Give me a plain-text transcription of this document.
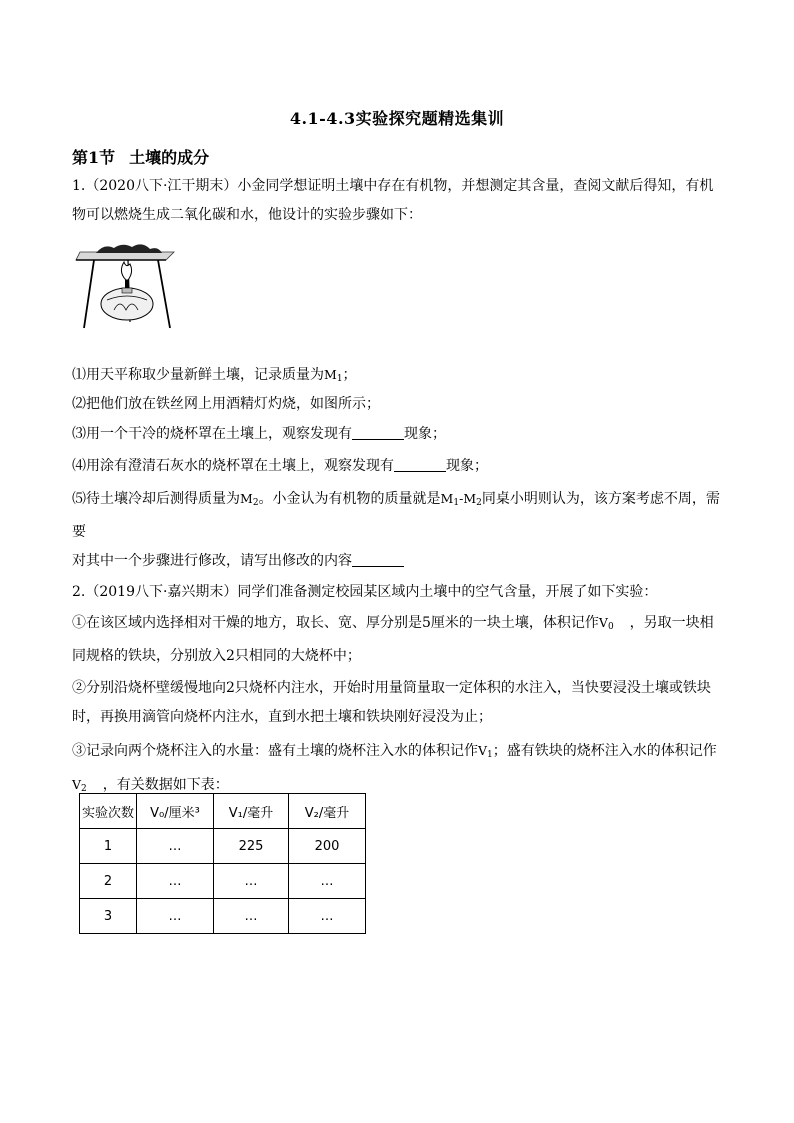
4.1-4.3实验探究题精选集训
第1节 土壤的成分
1.（2020八下·江干期末）小金同学想证明土壤中存在有机物，并想测定其含量，查阅文献后得知，有机
物可以燃烧生成二氧化碳和水，他设计的实验步骤如下：
⑴用天平称取少量新鲜土壤，记录质量为$M_1$；
⑵把他们放在铁丝网上用酒精灯灼烧，如图所示；
⑶用一个干冷的烧杯罩在土壤上，观察发现有	现象；
⑷用涂有澄清石灰水的烧杯罩在土壤上，观察发现有	现象；
⑸待土壤冷却后测得质量为$M_2$。小金认为有机物的质量就是$M_1-M_2$同桌小明则认为，该方案考虑不周，需要
对其中一个步骤进行修改，请写出修改的内容
2.（2019八下·嘉兴期末）同学们准备测定校园某区域内土壤中的空气含量，开展了如下实验：
①在该区域内选择相对干燥的地方，取长、宽、厚分别是5厘米的一块土壤，体积记作$V_0$ ，另取一块相
同规格的铁块，分别放入2只相同的大烧杯中；
②分别沿烧杯壁缓慢地向2只烧杯内注水，开始时用量筒量取一定体积的水注入，当快要浸没土壤或铁块
时，再换用滴管向烧杯内注水，直到水把土壤和铁块刚好浸没为止；
③记录向两个烧杯注入的水量：盛有土壤的烧杯注入水的体积记作$V_1$；盛有铁块的烧杯注入水的体积记作
$V_2$ ，有关数据如下表：
实验次数	V₀/厘米³	V₁/毫升	V₂/毫升
1	…	225	200
2	…	…	…
3	…	…	…
